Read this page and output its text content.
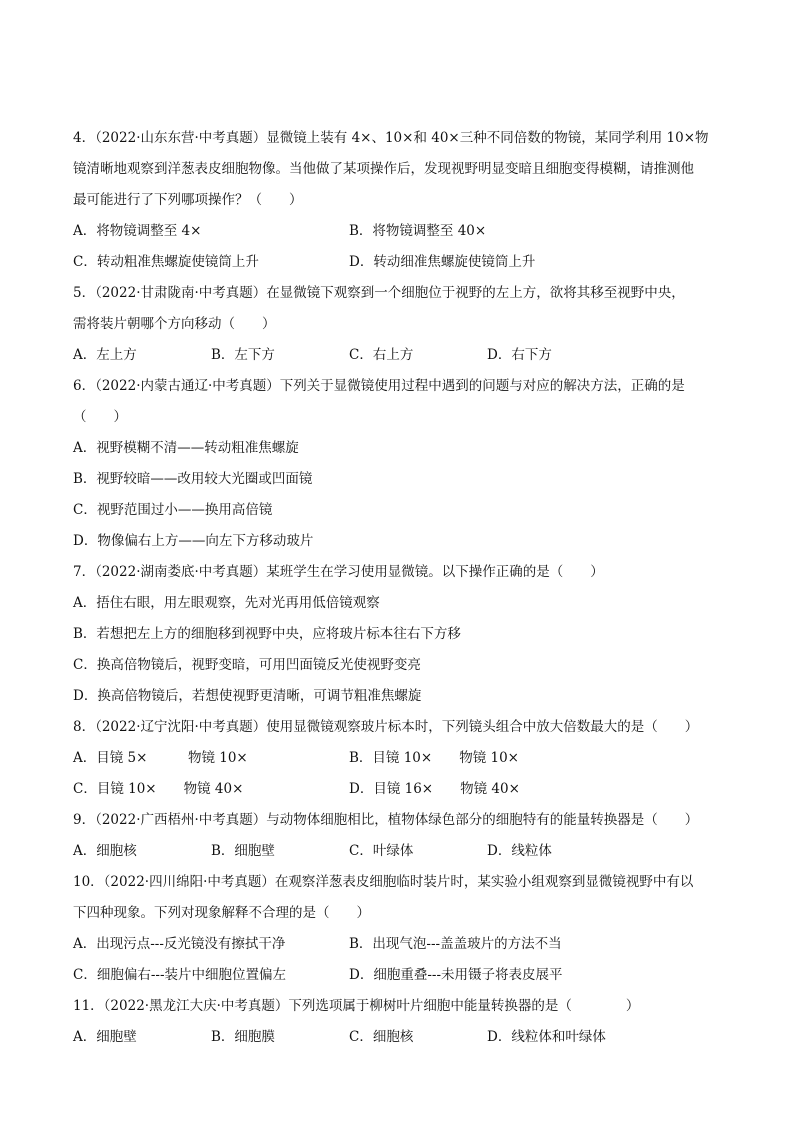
4．（2022·山东东营·中考真题）显微镜上装有 4×、10×和 40×三种不同倍数的物镜，某同学利用 10×物
镜清晰地观察到洋葱表皮细胞物像。当他做了某项操作后，发现视野明显变暗且细胞变得模糊，请推测他
最可能进行了下列哪项操作？（　　）
A．将物镜调整至 4×	B．将物镜调整至 40×
C．转动粗准焦螺旋使镜筒上升	D．转动细准焦螺旋使镜筒上升
5．（2022·甘肃陇南·中考真题）在显微镜下观察到一个细胞位于视野的左上方，欲将其移至视野中央，
需将装片朝哪个方向移动（　　）
A．左上方	B．左下方	C．右上方	D．右下方
6．（2022·内蒙古通辽·中考真题）下列关于显微镜使用过程中遇到的问题与对应的解决方法，正确的是
（　　）
A．视野模糊不清——转动粗准焦螺旋
B．视野较暗——改用较大光圈或凹面镜
C．视野范围过小——换用高倍镜
D．物像偏右上方——向左下方移动玻片
7．（2022·湖南娄底·中考真题）某班学生在学习使用显微镜。以下操作正确的是（　　）
A．捂住右眼，用左眼观察，先对光再用低倍镜观察
B．若想把左上方的细胞移到视野中央，应将玻片标本往右下方移
C．换高倍物镜后，视野变暗，可用凹面镜反光使视野变亮
D．换高倍物镜后，若想使视野更清晰，可调节粗准焦螺旋
8．（2022·辽宁沈阳·中考真题）使用显微镜观察玻片标本时，下列镜头组合中放大倍数最大的是（　　）
A．目镜 5×　　　物镜 10×	B．目镜 10×　　物镜 10×
C．目镜 10×　　物镜 40×	D．目镜 16×　　物镜 40×
9．（2022·广西梧州·中考真题）与动物体细胞相比，植物体绿色部分的细胞特有的能量转换器是（　　）
A．细胞核	B．细胞壁	C．叶绿体	D．线粒体
10．（2022·四川绵阳·中考真题）在观察洋葱表皮细胞临时装片时，某实验小组观察到显微镜视野中有以
下四种现象。下列对现象解释不合理的是（　　）
A．出现污点---反光镜没有擦拭干净	B．出现气泡---盖盖玻片的方法不当
C．细胞偏右---装片中细胞位置偏左	D．细胞重叠---未用镊子将表皮展平
11．（2022·黑龙江大庆·中考真题）下列选项属于柳树叶片细胞中能量转换器的是（　　　　）
A．细胞壁	B．细胞膜	C．细胞核	D．线粒体和叶绿体
